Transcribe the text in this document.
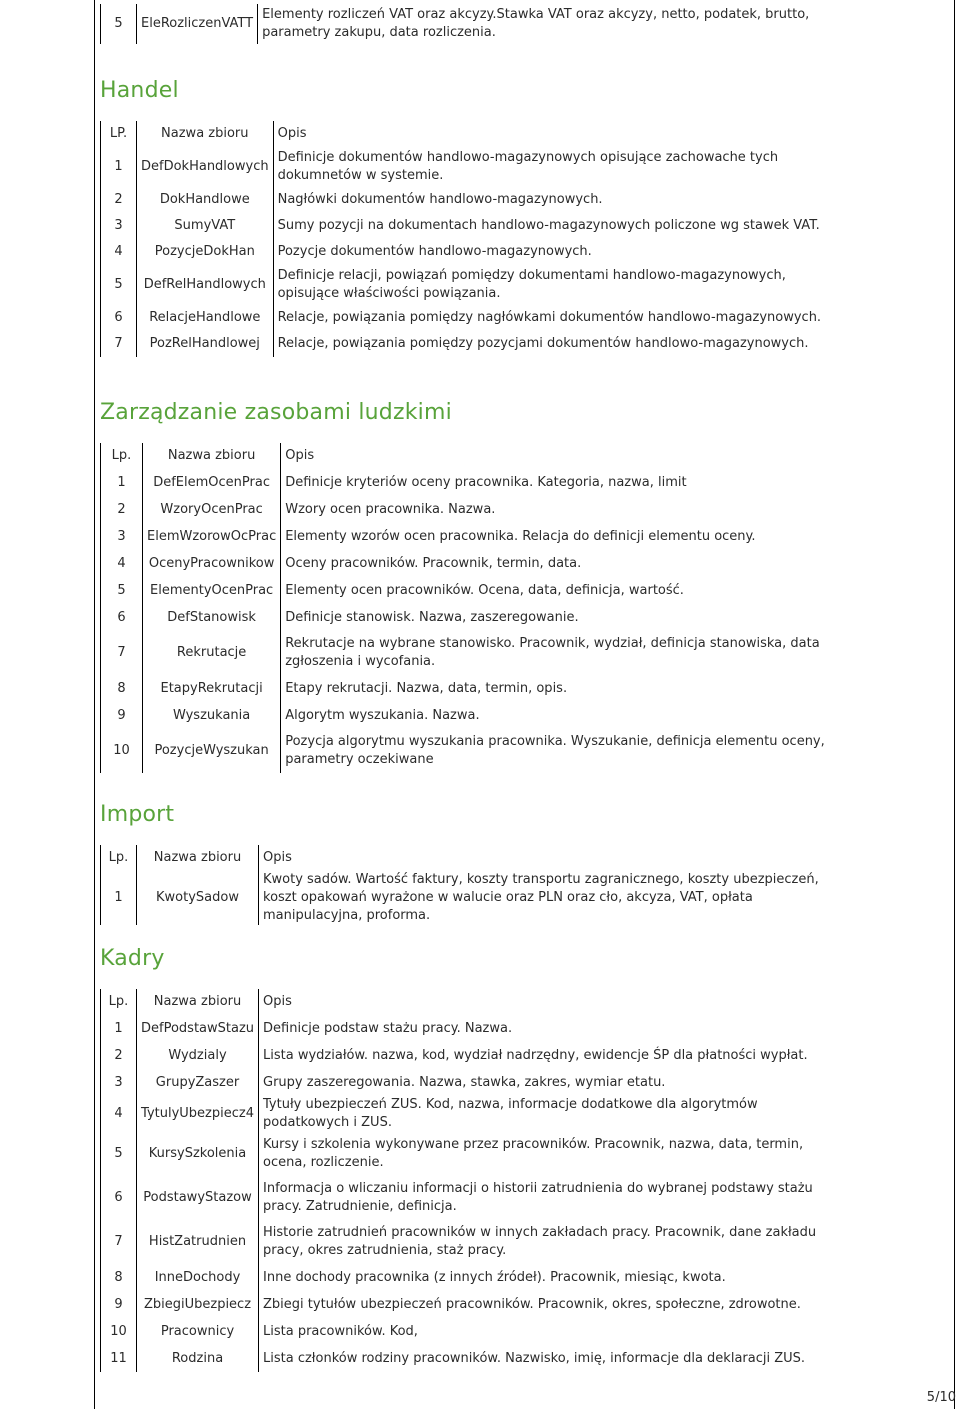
5	EleRozliczenVATT	Elementy rozliczeń VAT oraz akcyzy.Stawka VAT oraz akcyzy, netto, podatek, brutto, parametry zakupu, data rozliczenia.
Handel
LP.	Nazwa zbioru	Opis
1	DefDokHandlowych	Definicje dokumentów handlowo-magazynowych opisujące zachowache tych dokumnetów w systemie.
2	DokHandlowe	Nagłówki dokumentów handlowo-magazynowych.
3	SumyVAT	Sumy pozycji na dokumentach handlowo-magazynowych policzone wg stawek VAT.
4	PozycjeDokHan	Pozycje dokumentów handlowo-magazynowych.
5	DefRelHandlowych	Definicje relacji, powiązań pomiędzy dokumentami handlowo-magazynowych, opisujące właściwości powiązania.
6	RelacjeHandlowe	Relacje, powiązania pomiędzy nagłówkami dokumentów handlowo-magazynowych.
7	PozRelHandlowej	Relacje, powiązania pomiędzy pozycjami dokumentów handlowo-magazynowych.
Zarządzanie zasobami ludzkimi
Lp.	Nazwa zbioru	Opis
1	DefElemOcenPrac	Definicje kryteriów oceny pracownika. Kategoria, nazwa, limit
2	WzoryOcenPrac	Wzory ocen pracownika. Nazwa.
3	ElemWzorowOcPrac	Elementy wzorów ocen pracownika. Relacja do definicji elementu oceny.
4	OcenyPracownikow	Oceny pracowników. Pracownik, termin, data.
5	ElementyOcenPrac	Elementy ocen pracowników. Ocena, data, definicja, wartość.
6	DefStanowisk	Definicje stanowisk. Nazwa, zaszeregowanie.
7	Rekrutacje	Rekrutacje na wybrane stanowisko. Pracownik, wydział, definicja stanowiska, data zgłoszenia i wycofania.
8	EtapyRekrutacji	Etapy rekrutacji. Nazwa, data, termin, opis.
9	Wyszukania	Algorytm wyszukania. Nazwa.
10	PozycjeWyszukan	Pozycja algorytmu wyszukania pracownika. Wyszukanie, definicja elementu oceny, parametry oczekiwane
Import
Lp.	Nazwa zbioru	Opis
1	KwotySadow	Kwoty sadów. Wartość faktury, koszty transportu zagranicznego, koszty ubezpieczeń, koszt opakowań wyrażone w walucie oraz PLN oraz cło, akcyza, VAT, opłata manipulacyjna, proforma.
Kadry
Lp.	Nazwa zbioru	Opis
1	DefPodstawStazu	Definicje podstaw stażu pracy. Nazwa.
2	Wydzialy	Lista wydziałów. nazwa, kod, wydział nadrzędny, ewidencje ŚP dla płatności wypłat.
3	GrupyZaszer	Grupy zaszeregowania. Nazwa, stawka, zakres, wymiar etatu.
4	TytulyUbezpiecz4	Tytuły ubezpieczeń ZUS. Kod, nazwa, informacje dodatkowe dla algorytmów podatkowych i ZUS.
5	KursySzkolenia	Kursy i szkolenia wykonywane przez pracowników. Pracownik, nazwa, data, termin, ocena, rozliczenie.
6	PodstawyStazow	Informacja o wliczaniu informacji o historii zatrudnienia do wybranej podstawy stażu pracy. Zatrudnienie, definicja.
7	HistZatrudnien	Historie zatrudnień pracowników w innych zakładach pracy. Pracownik, dane zakładu pracy, okres zatrudnienia, staż pracy.
8	InneDochody	Inne dochody pracownika (z innych źródeł). Pracownik, miesiąc, kwota.
9	ZbiegiUbezpiecz	Zbiegi tytułów ubezpieczeń pracowników. Pracownik, okres, społeczne, zdrowotne.
10	Pracownicy	Lista pracowników. Kod,
11	Rodzina	Lista członków rodziny pracowników. Nazwisko, imię, informacje dla deklaracji ZUS.
5/10
